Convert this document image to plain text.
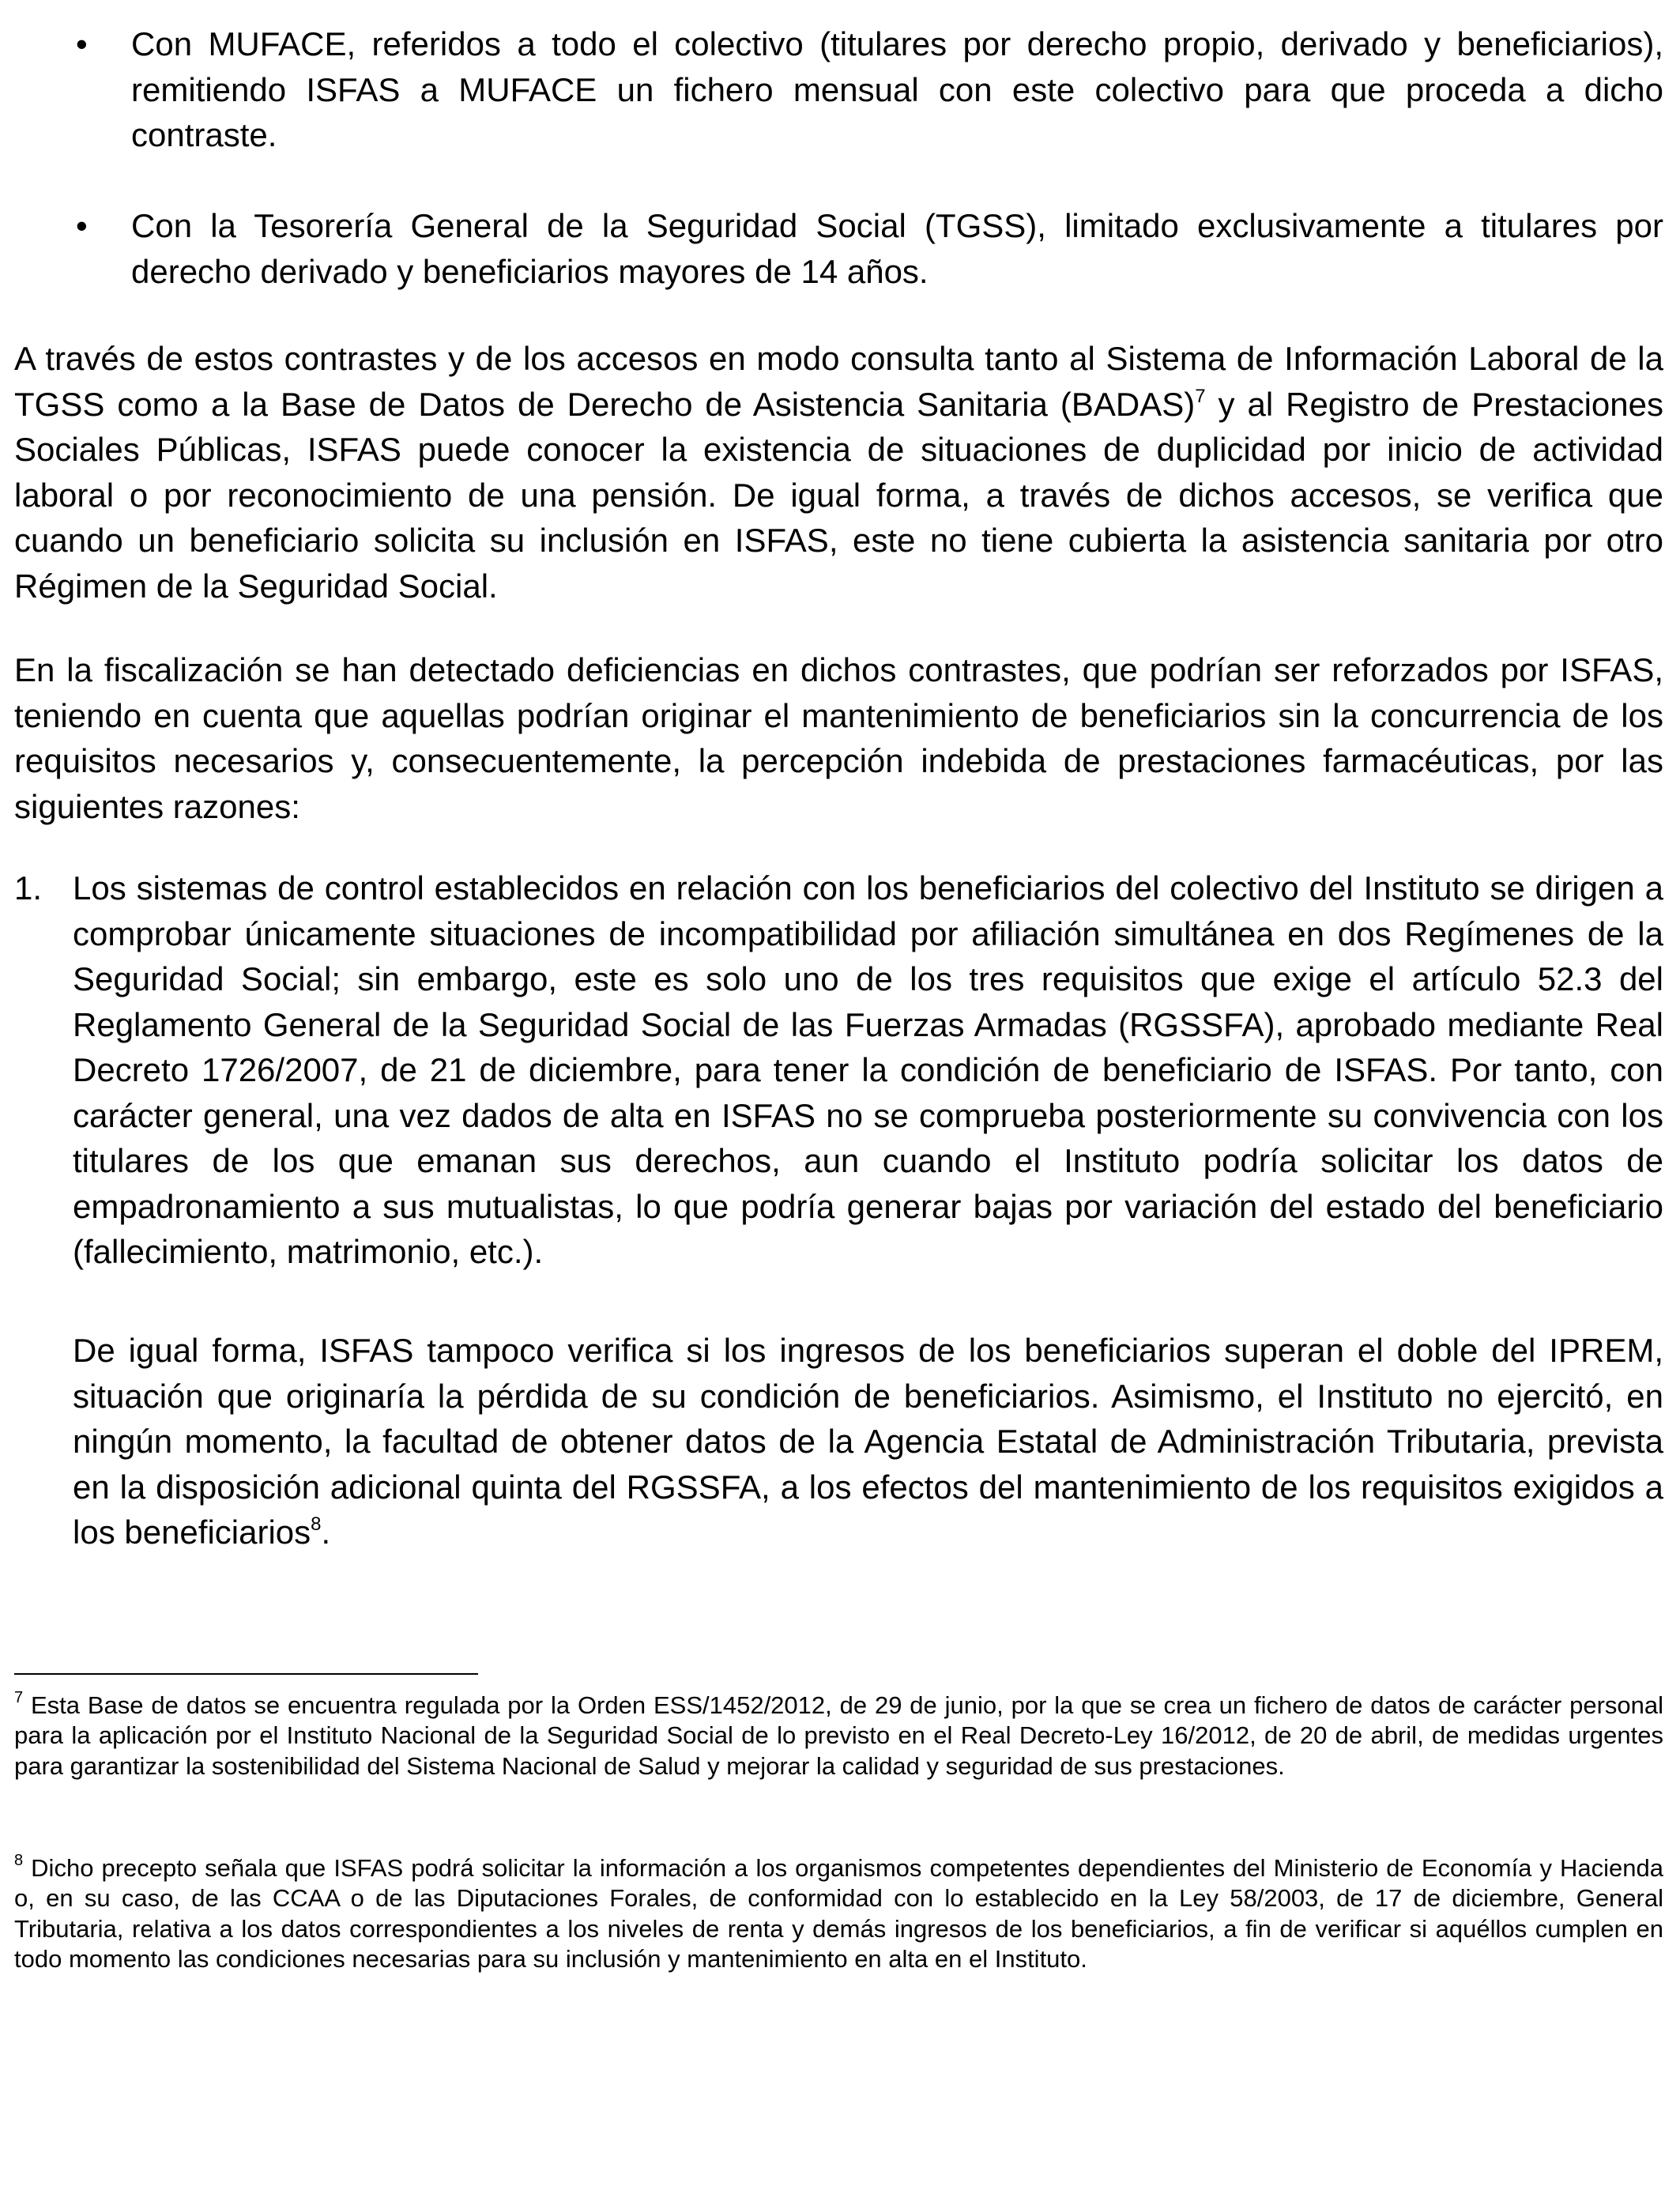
• Con MUFACE, referidos a todo el colectivo (titulares por derecho propio, derivado y beneficiarios), remitiendo ISFAS a MUFACE un fichero mensual con este colectivo para que proceda a dicho contraste.

• Con la Tesorería General de la Seguridad Social (TGSS), limitado exclusivamente a titulares por derecho derivado y beneficiarios mayores de 14 años.

A través de estos contrastes y de los accesos en modo consulta tanto al Sistema de Información Laboral de la TGSS como a la Base de Datos de Derecho de Asistencia Sanitaria (BADAS)$^7$ y al Registro de Prestaciones Sociales Públicas, ISFAS puede conocer la existencia de situaciones de duplicidad por inicio de actividad laboral o por reconocimiento de una pensión. De igual forma, a través de dichos accesos, se verifica que cuando un beneficiario solicita su inclusión en ISFAS, este no tiene cubierta la asistencia sanitaria por otro Régimen de la Seguridad Social.

En la fiscalización se han detectado deficiencias en dichos contrastes, que podrían ser reforzados por ISFAS, teniendo en cuenta que aquellas podrían originar el mantenimiento de beneficiarios sin la concurrencia de los requisitos necesarios y, consecuentemente, la percepción indebida de prestaciones farmacéuticas, por las siguientes razones:

1. Los sistemas de control establecidos en relación con los beneficiarios del colectivo del Instituto se dirigen a comprobar únicamente situaciones de incompatibilidad por afiliación simultánea en dos Regímenes de la Seguridad Social; sin embargo, este es solo uno de los tres requisitos que exige el artículo 52.3 del Reglamento General de la Seguridad Social de las Fuerzas Armadas (RGSSFA), aprobado mediante Real Decreto 1726/2007, de 21 de diciembre, para tener la condición de beneficiario de ISFAS. Por tanto, con carácter general, una vez dados de alta en ISFAS no se comprueba posteriormente su convivencia con los titulares de los que emanan sus derechos, aun cuando el Instituto podría solicitar los datos de empadronamiento a sus mutualistas, lo que podría generar bajas por variación del estado del beneficiario (fallecimiento, matrimonio, etc.).

De igual forma, ISFAS tampoco verifica si los ingresos de los beneficiarios superan el doble del IPREM, situación que originaría la pérdida de su condición de beneficiarios. Asimismo, el Instituto no ejercitó, en ningún momento, la facultad de obtener datos de la Agencia Estatal de Administración Tributaria, prevista en la disposición adicional quinta del RGSSFA, a los efectos del mantenimiento de los requisitos exigidos a los beneficiarios$^8$.

$^7$ Esta Base de datos se encuentra regulada por la Orden ESS/1452/2012, de 29 de junio, por la que se crea un fichero de datos de carácter personal para la aplicación por el Instituto Nacional de la Seguridad Social de lo previsto en el Real Decreto-Ley 16/2012, de 20 de abril, de medidas urgentes para garantizar la sostenibilidad del Sistema Nacional de Salud y mejorar la calidad y seguridad de sus prestaciones.

$^8$ Dicho precepto señala que ISFAS podrá solicitar la información a los organismos competentes dependientes del Ministerio de Economía y Hacienda o, en su caso, de las CCAA o de las Diputaciones Forales, de conformidad con lo establecido en la Ley 58/2003, de 17 de diciembre, General Tributaria, relativa a los datos correspondientes a los niveles de renta y demás ingresos de los beneficiarios, a fin de verificar si aquéllos cumplen en todo momento las condiciones necesarias para su inclusión y mantenimiento en alta en el Instituto.
